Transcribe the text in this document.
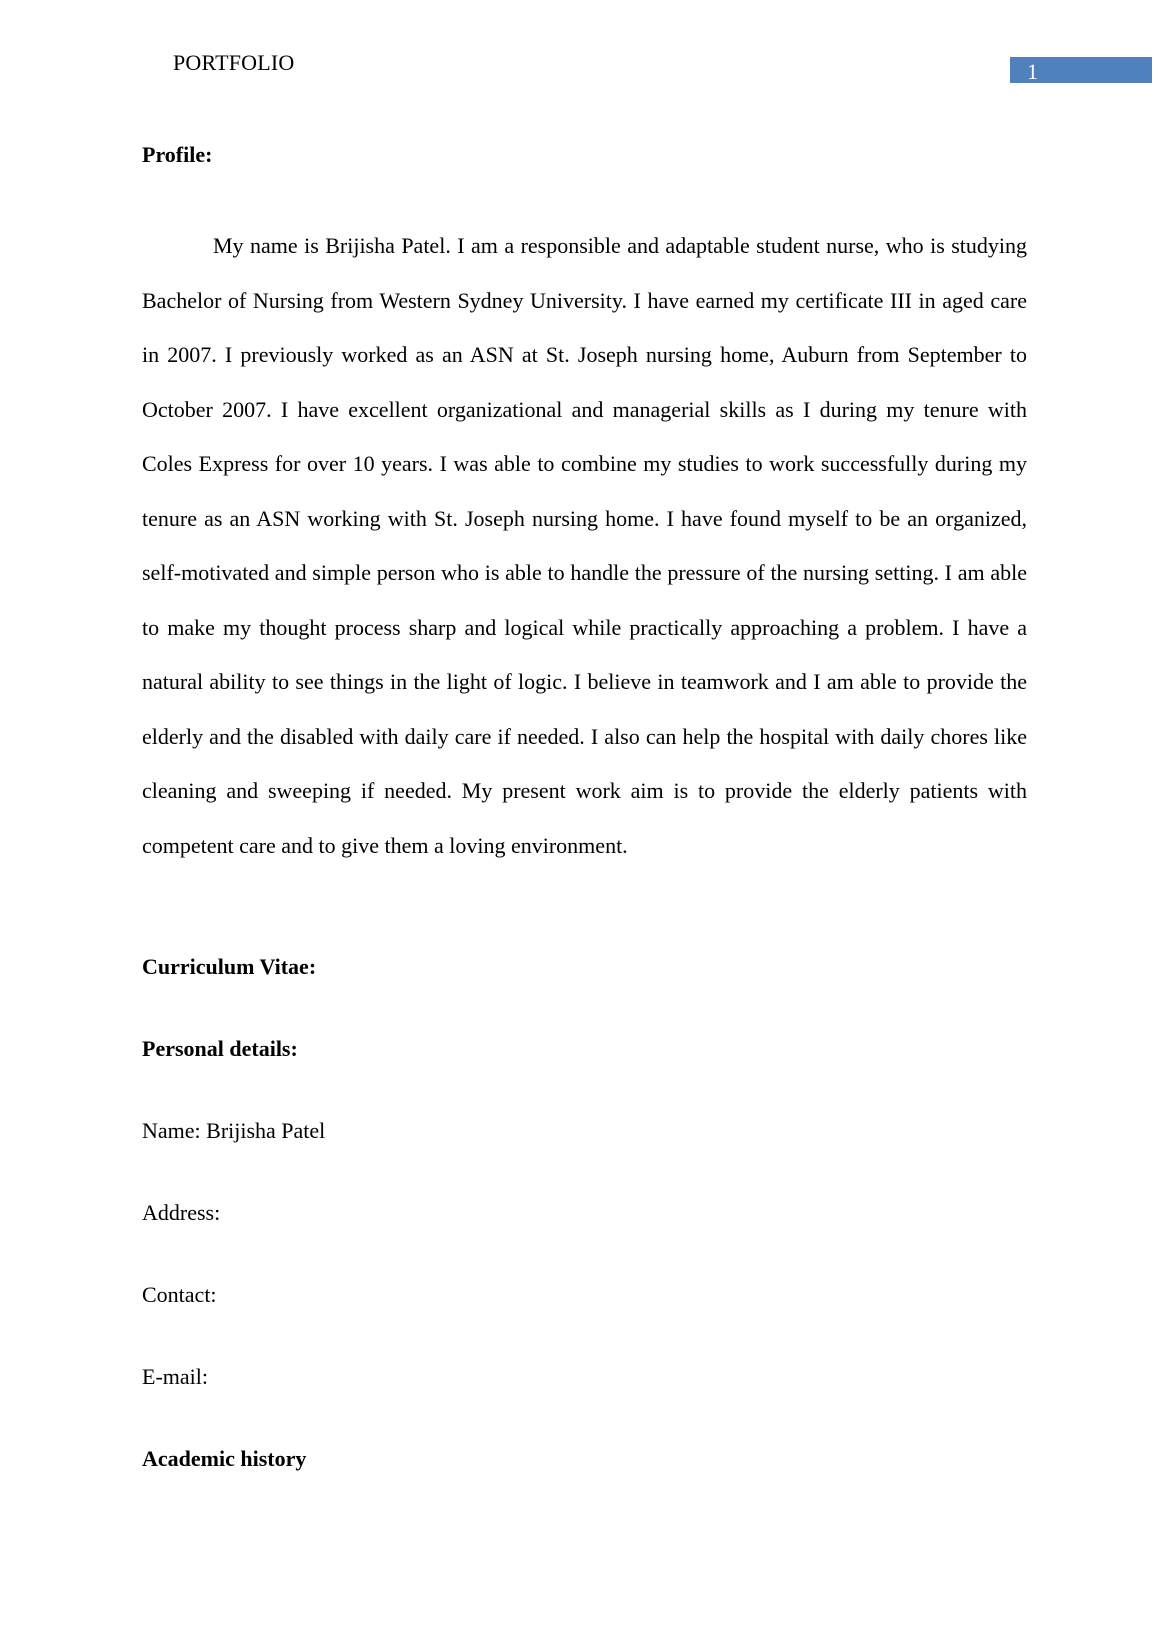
PORTFOLIO	1
Profile:

My name is Brijisha Patel. I am a responsible and adaptable student nurse, who is studying Bachelor of Nursing from Western Sydney University. I have earned my certificate III in aged care in 2007. I previously worked as an ASN at St. Joseph nursing home, Auburn from September to October 2007. I have excellent organizational and managerial skills as I during my tenure with Coles Express for over 10 years. I was able to combine my studies to work successfully during my tenure as an ASN working with St. Joseph nursing home. I have found myself to be an organized, self-motivated and simple person who is able to handle the pressure of the nursing setting. I am able to make my thought process sharp and logical while practically approaching a problem. I have a natural ability to see things in the light of logic. I believe in teamwork and I am able to provide the elderly and the disabled with daily care if needed. I also can help the hospital with daily chores like cleaning and sweeping if needed. My present work aim is to provide the elderly patients with competent care and to give them a loving environment.

Curriculum Vitae:
Personal details:
Name: Brijisha Patel
Address:
Contact:
E-mail:
Academic history
